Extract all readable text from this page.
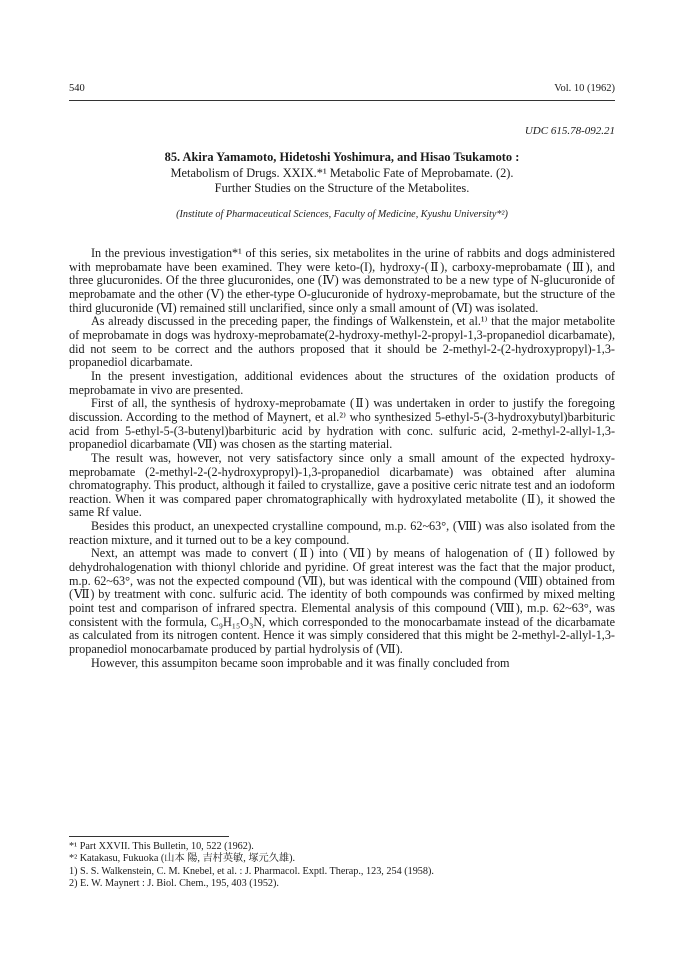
540	Vol. 10 (1962)
UDC 615.78-092.21
85. Akira Yamamoto, Hidetoshi Yoshimura, and Hisao Tsukamoto :
Metabolism of Drugs. XXIX.*¹ Metabolic Fate of Meprobamate. (2).
Further Studies on the Structure of the Metabolites.
(Institute of Pharmaceutical Sciences, Faculty of Medicine, Kyushu University*²)

In the previous investigation*¹ of this series, six metabolites in the urine of rabbits and dogs administered with meprobamate have been examined. They were keto-(I), hydroxy-(Ⅱ), carboxy-meprobamate (Ⅲ), and three glucuronides. Of the three glucuronides, one (Ⅳ) was demonstrated to be a new type of N-glucuronide of meprobamate and the other (Ⅴ) the ether-type O-glucuronide of hydroxy-meprobamate, but the structure of the third glucuronide (Ⅵ) remained still unclarified, since only a small amount of (Ⅵ) was isolated.

As already discussed in the preceding paper, the findings of Walkenstein, et al.¹⁾ that the major metabolite of meprobamate in dogs was hydroxy-meprobamate(2-hydroxy-methyl-2-propyl-1,3-propanediol dicarbamate), did not seem to be correct and the authors proposed that it should be 2-methyl-2-(2-hydroxypropyl)-1,3-propanediol dicarbamate.

In the present investigation, additional evidences about the structures of the oxidation products of meprobamate in vivo are presented.

First of all, the synthesis of hydroxy-meprobamate (Ⅱ) was undertaken in order to justify the foregoing discussion. According to the method of Maynert, et al.²⁾ who synthesized 5-ethyl-5-(3-hydroxybutyl)barbituric acid from 5-ethyl-5-(3-butenyl)barbituric acid by hydration with conc. sulfuric acid, 2-methyl-2-allyl-1,3-propanediol dicarbamate (Ⅶ) was chosen as the starting material.

The result was, however, not very satisfactory since only a small amount of the expected hydroxy-meprobamate (2-methyl-2-(2-hydroxypropyl)-1,3-propanediol dicarbamate) was obtained after alumina chromatography. This product, although it failed to crystallize, gave a positive ceric nitrate test and an iodoform reaction. When it was compared paper chromatographically with hydroxylated metabolite (Ⅱ), it showed the same Rf value.

Besides this product, an unexpected crystalline compound, m.p. 62~63°, (Ⅷ) was also isolated from the reaction mixture, and it turned out to be a key compound.

Next, an attempt was made to convert (Ⅱ) into (Ⅶ) by means of halogenation of (Ⅱ) followed by dehydrohalogenation with thionyl chloride and pyridine. Of great interest was the fact that the major product, m.p. 62~63°, was not the expected compound (Ⅶ), but was identical with the compound (Ⅷ) obtained from (Ⅶ) by treatment with conc. sulfuric acid. The identity of both compounds was confirmed by mixed melting point test and comparison of infrared spectra. Elemental analysis of this compound (Ⅷ), m.p. 62~63°, was consistent with the formula, C₉H₁₅O₃N, which corresponded to the monocarbamate instead of the dicarbamate as calculated from its nitrogen content. Hence it was simply considered that this might be 2-methyl-2-allyl-1,3-propanediol monocarbamate produced by partial hydrolysis of (Ⅶ).

However, this assumpiton became soon improbable and it was finally concluded from

*¹ Part XXVII. This Bulletin, 10, 522 (1962).
*² Katakasu, Fukuoka (山本 陽, 吉村英敏, 塚元久雄).
1) S. S. Walkenstein, C. M. Knebel, et al. : J. Pharmacol. Exptl. Therap., 123, 254 (1958).
2) E. W. Maynert : J. Biol. Chem., 195, 403 (1952).
